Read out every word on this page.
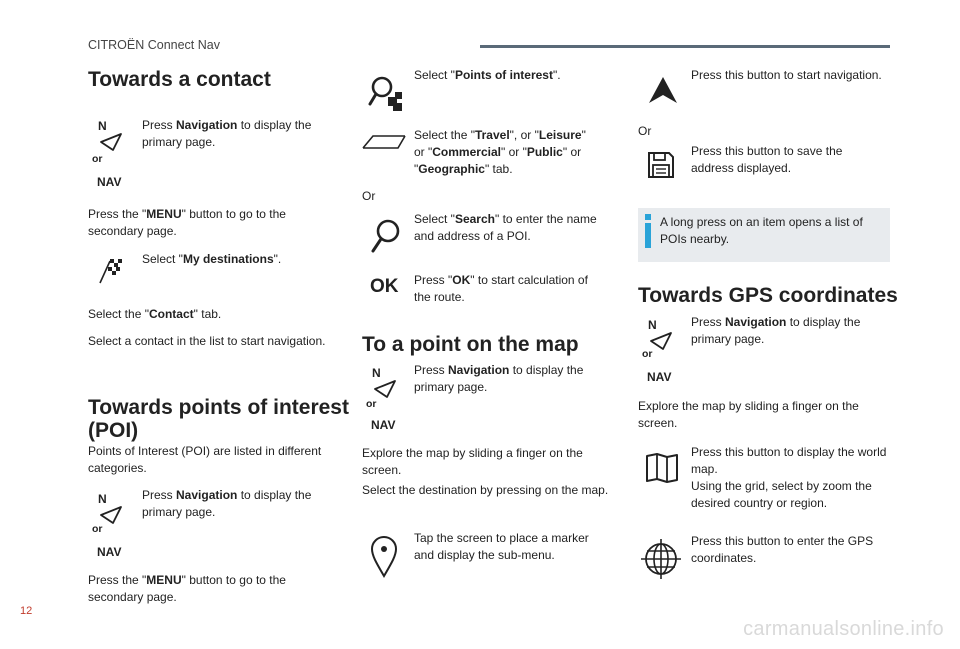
CITROËN Connect Nav
Towards a contact
N
or
NAV
Press Navigation to display the
primary page.
Press the "MENU" button to go to the
secondary page.
Select "My destinations".
Select the "Contact" tab.
Select a contact in the list to start navigation.
Towards points of interest
(POI)
Points of Interest (POI) are listed in different
categories.
N
or
NAV
Press Navigation to display the
primary page.
Press the "MENU" button to go to the
secondary page.
Select "Points of interest".
Select the "Travel", or "Leisure"
or "Commercial" or "Public" or
"Geographic" tab.
Or
Select "Search" to enter the name
and address of a POI.
OK Press "OK" to start calculation of
the route.
To a point on the map
N
or
NAV
Press Navigation to display the
primary page.
Explore the map by sliding a finger on the
screen.
Select the destination by pressing on the map.
Tap the screen to place a marker
and display the sub-menu.
Press this button to start navigation.
Or
Press this button to save the
address displayed.
A long press on an item opens a list of
POIs nearby.
Towards GPS coordinates
N
or
NAV
Press Navigation to display the
primary page.
Explore the map by sliding a finger on the
screen.
Press this button to display the world
map.
Using the grid, select by zoom the
desired country or region.
Press this button to enter the GPS
coordinates.
12
carmanualsonline.info
